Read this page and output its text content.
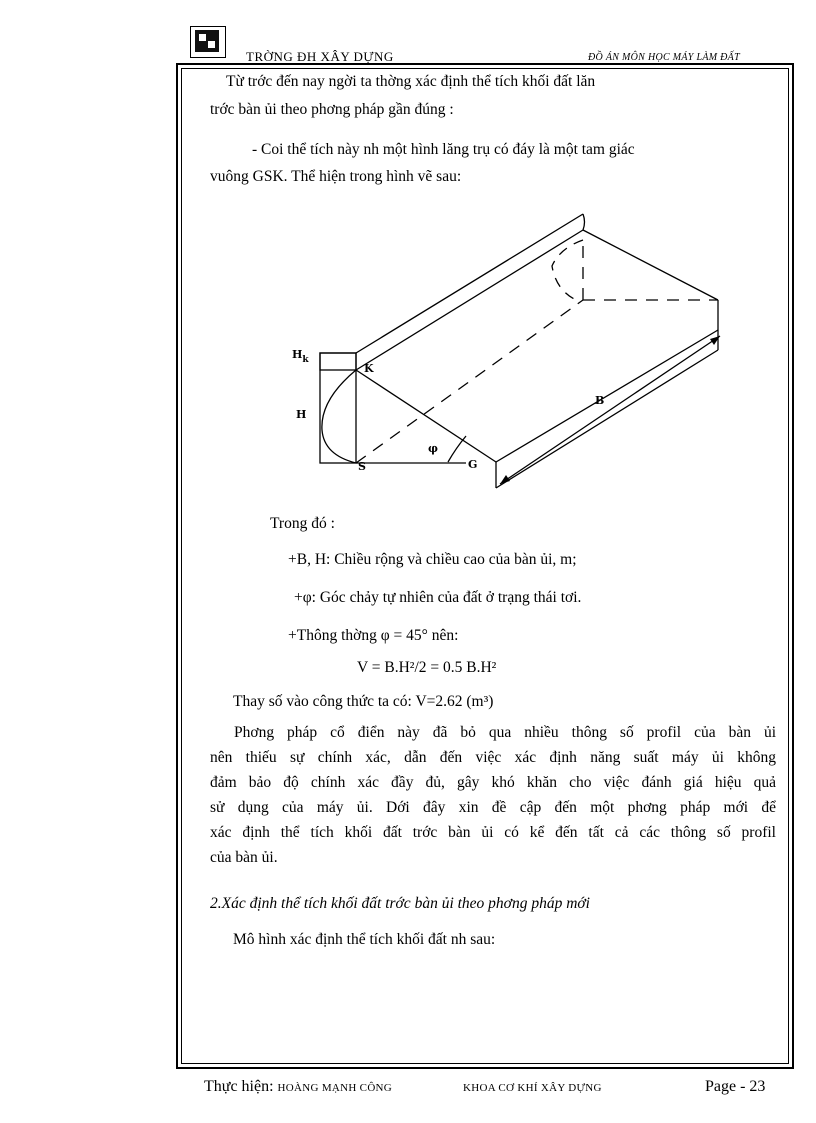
TRỜNG ĐH XÂY DỰNG	ĐỒ ÁN MÔN HỌC MÁY LÀM ĐẤT
Từ trớc đến nay ngời ta thờng xác định thể tích khối đất lăn
trớc bàn ủi theo phơng pháp gần đúng :
- Coi thể tích này nh một hình lăng trụ có đáy là một tam giác
vuông GSK. Thể hiện trong hình vẽ sau:
$H_k$
K
H
B
φ
S	G
Trong đó :
+B, H: Chiều rộng và chiều cao của bàn ủi, m;
+φ: Góc chảy tự nhiên của đất ở trạng thái tơi.
+Thông thờng φ = 45° nên:
V = B.H²/2 = 0.5 B.H²
Thay số vào công thức ta có: V=2.62 (m³)
Phơng pháp cổ điển này đã bỏ qua nhiều thông số profil của bàn ủi
nên thiếu sự chính xác, dẫn đến việc xác định năng suất máy ủi không
đảm bảo độ chính xác đầy đủ, gây khó khăn cho việc đánh giá hiệu quả
sử dụng của máy ủi. Dới đây xin đề cập đến một phơng pháp mới để
xác định thể tích khối đất trớc bàn ủi có kể đến tất cả các thông số profil
của bàn ủi.
2.Xác định thể tích khối đất trớc bàn ủi theo phơng pháp mới
Mô hình xác định thể tích khối đất nh sau:
Thực hiện: HOÀNG MẠNH CÔNG	KHOA CƠ KHÍ XÂY DỰNG	Page - 23
